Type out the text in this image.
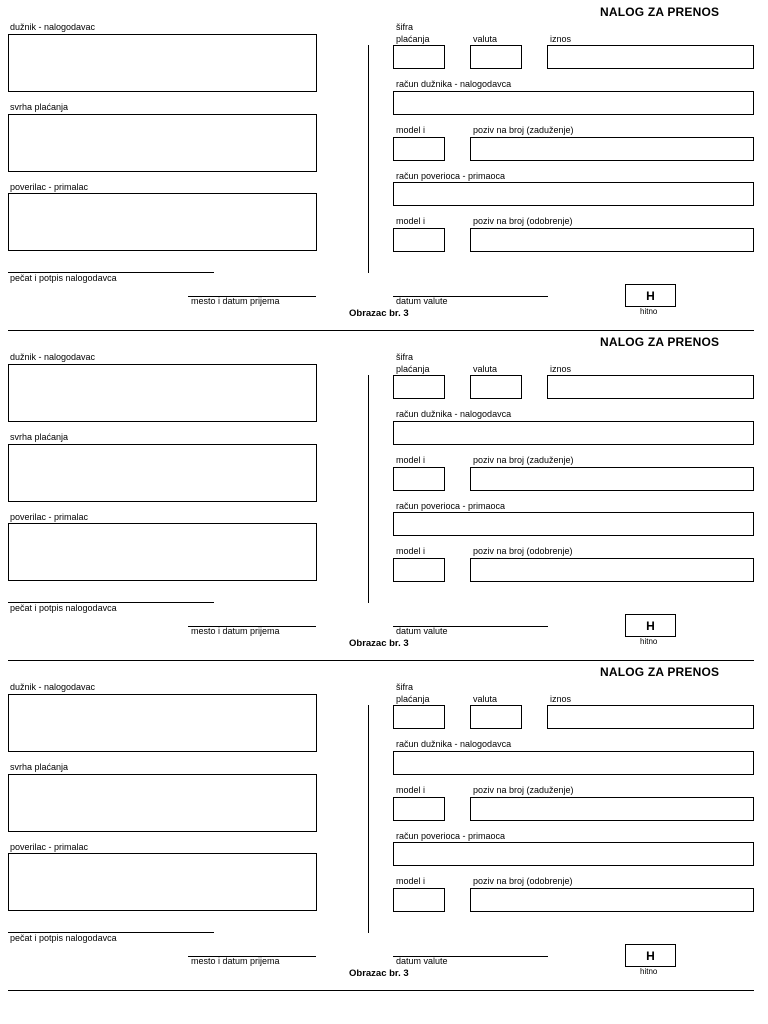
NALOG ZA PRENOS
dužnik - nalogodavac
svrha plaćanja
poverilac - primalac
pečat i potpis nalogodavca
mesto i datum prijema
šifra
plaćanja	valuta	iznos
račun dužnika - nalogodavca
model i	poziv na broj (zaduženje)
račun poverioca - primaoca
model i	poziv na broj (odobrenje)
datum valute	H
hitno
Obrazac br. 3
NALOG ZA PRENOS
dužnik - nalogodavac
svrha plaćanja
poverilac - primalac
pečat i potpis nalogodavca
mesto i datum prijema
šifra
plaćanja	valuta	iznos
račun dužnika - nalogodavca
model i	poziv na broj (zaduženje)
račun poverioca - primaoca
model i	poziv na broj (odobrenje)
datum valute	H
hitno
Obrazac br. 3
NALOG ZA PRENOS
dužnik - nalogodavac
svrha plaćanja
poverilac - primalac
pečat i potpis nalogodavca
mesto i datum prijema
šifra
plaćanja	valuta	iznos
račun dužnika - nalogodavca
model i	poziv na broj (zaduženje)
račun poverioca - primaoca
model i	poziv na broj (odobrenje)
datum valute	H
hitno
Obrazac br. 3
